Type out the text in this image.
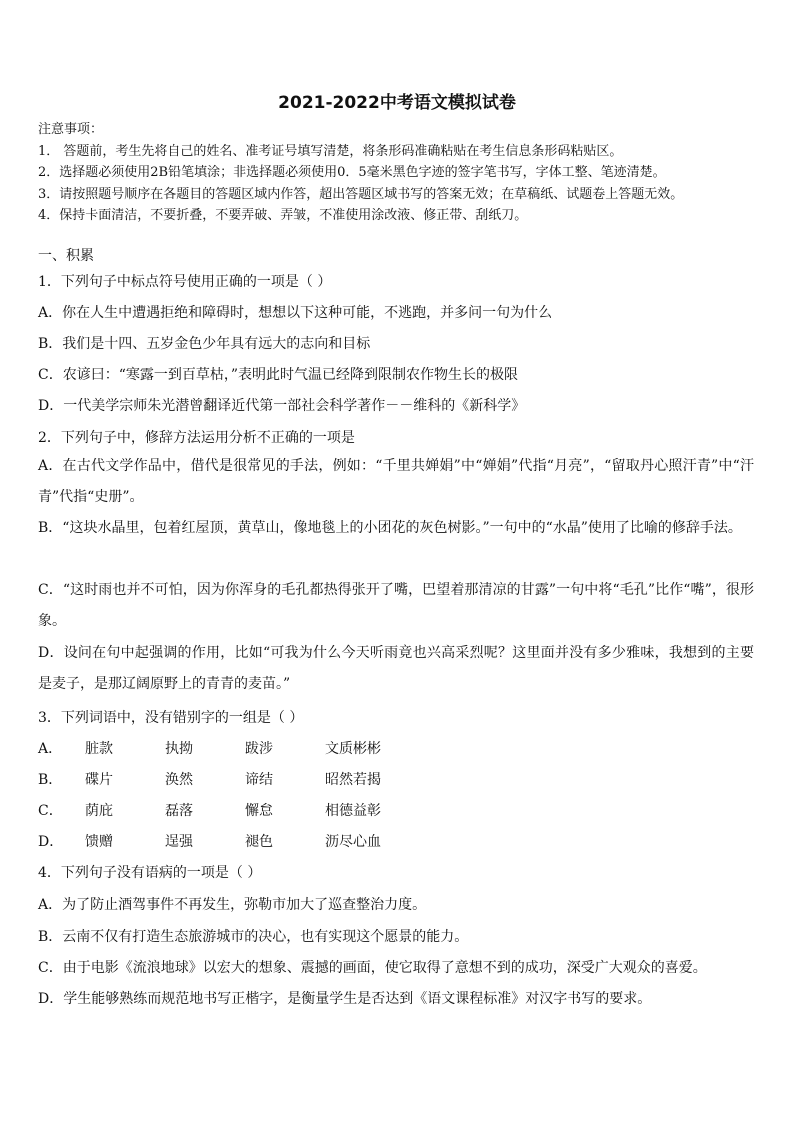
2021-2022中考语文模拟试卷
注意事项：
1． 答题前，考生先将自己的姓名、准考证号填写清楚，将条形码准确粘贴在考生信息条形码粘贴区。
2．选择题必须使用2B铅笔填涂；非选择题必须使用0．5毫米黑色字迹的签字笔书写，字体工整、笔迹清楚。
3．请按照题号顺序在各题目的答题区域内作答，超出答题区域书写的答案无效；在草稿纸、试题卷上答题无效。
4．保持卡面清洁，不要折叠，不要弄破、弄皱，不准使用涂改液、修正带、刮纸刀。
一、积累
1．下列句子中标点符号使用正确的一项是（ ）
A．你在人生中遭遇拒绝和障碍时，想想以下这种可能，不逃跑，并多问一句为什么
B．我们是十四、五岁金色少年具有远大的志向和目标
C．农谚曰：“寒露一到百草枯，”表明此时气温已经降到限制农作物生长的极限
D．一代美学宗师朱光潜曾翻译近代第一部社会科学著作－－维科的《新科学》
2．下列句子中，修辞方法运用分析不正确的一项是
A．在古代文学作品中，借代是很常见的手法，例如：“千里共婵娟”中“婵娟”代指“月亮”，“留取丹心照汗青”中“汗青”代指“史册”。
B．“这块水晶里，包着红屋顶，黄草山，像地毯上的小团花的灰色树影。”一句中的“水晶”使用了比喻的修辞手法。
C．“这时雨也并不可怕，因为你浑身的毛孔都热得张开了嘴，巴望着那清凉的甘露”一句中将“毛孔”比作“嘴”，很形象。
D．设问在句中起强调的作用，比如“可我为什么今天听雨竟也兴高采烈呢？这里面并没有多少雅味，我想到的主要是麦子，是那辽阔原野上的青青的麦苗。”
3．下列词语中，没有错别字的一组是（ ）
A． 脏款	执拗	跋涉	文质彬彬
B． 碟片	涣然	谛结	昭然若揭
C． 荫庇	磊落	懈怠	相德益彰
D． 馈赠	逞强	褪色	沥尽心血
4．下列句子没有语病的一项是（ ）
A．为了防止酒驾事件不再发生，弥勒市加大了巡查整治力度。
B．云南不仅有打造生态旅游城市的决心，也有实现这个愿景的能力。
C．由于电影《流浪地球》以宏大的想象、震撼的画面，使它取得了意想不到的成功，深受广大观众的喜爱。
D．学生能够熟练而规范地书写正楷字，是衡量学生是否达到《语文课程标准》对汉字书写的要求。
